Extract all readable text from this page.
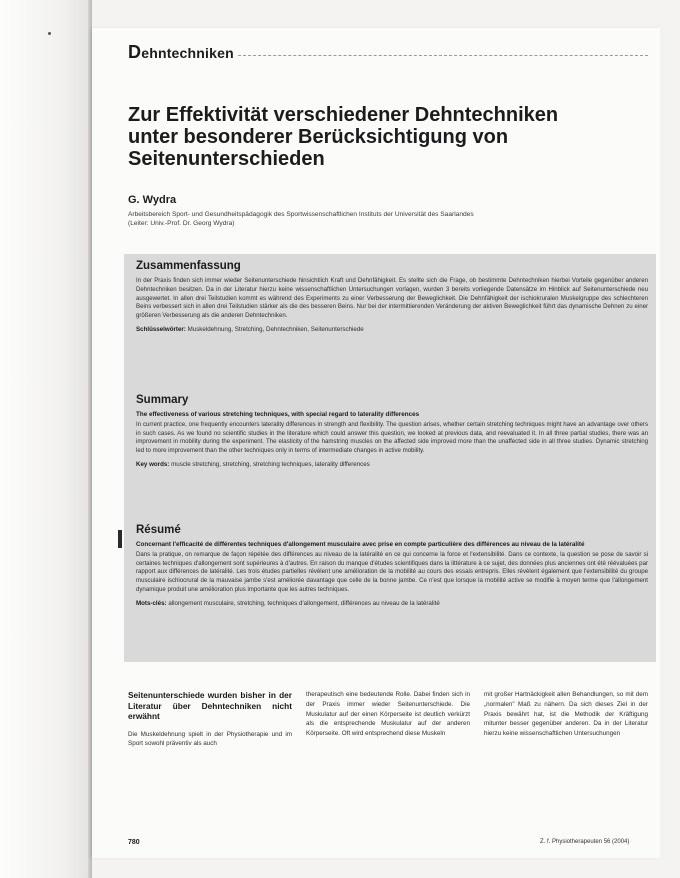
Dehntechniken
Zur Effektivität verschiedener Dehntechniken
unter besonderer Berücksichtigung von
Seitenunterschieden
G. Wydra
Arbeitsbereich Sport- und Gesundheitspädagogik des Sportwissenschaftlichen Instituts der Universität des Saarlandes
(Leiter: Univ.-Prof. Dr. Georg Wydra)
Zusammenfassung
In der Praxis finden sich immer wieder Seitenunterschiede hinsichtlich Kraft und Dehnfähigkeit. Es stellte sich die Frage, ob bestimmte Dehntechniken hierbei Vorteile gegenüber anderen Dehntechniken besitzen. Da in der Literatur hierzu keine wissenschaftlichen Untersuchungen vorlagen, wurden 3 bereits vorliegende Datensätze im Hinblick auf Seitenunterschiede neu ausgewertet. In allen drei Teilstudien kommt es während des Experiments zu einer Verbesserung der Beweglichkeit. Die Dehnfähigkeit der ischiokruralen Muskelgruppe des schlechteren Beins verbessert sich in allen drei Teilstudien stärker als die des besseren Beins. Nur bei der intermittierenden Veränderung der aktiven Beweglichkeit führt das dynamische Dehnen zu einer größeren Verbesserung als die anderen Dehntechniken.
Schlüsselwörter: Muskeldehnung, Stretching, Dehntechniken, Seitenunterschiede
Summary
The effectiveness of various stretching techniques, with special regard to laterality differences
In current practice, one frequently encounters laterality differences in strength and flexibility. The question arises, whether certain stretching techniques might have an advantage over others in such cases. As we found no scientific studies in the literature which could answer this question, we looked at previous data, and reevaluated it. In all three partial studies, there was an improvement in mobility during the experiment. The elasticity of the hamstring muscles on the affected side improved more than the unaffected side in all three studies. Dynamic stretching led to more improvement than the other techniques only in terms of intermediate changes in active mobility.
Key words: muscle stretching, stretching, stretching techniques, laterality differences
Résumé
Concernant l'efficacité de différentes techniques d'allongement musculaire avec prise en compte particulière des différences au niveau de la latéralité
Dans la pratique, on remarque de façon répétée des différences au niveau de la latéralité en ce qui concerne la force et l'extensibilité. Dans ce contexte, la question se pose de savoir si certaines techniques d'allongement sont supérieures à d'autres. En raison du manque d'études scientifiques dans la littérature à ce sujet, des données plus anciennes ont été réévaluées par rapport aux différences de latéralité. Les trois études partielles révèlent une amélioration de la mobilité au cours des essais entrepris. Elles révèlent également que l'extensibilité du groupe musculaire ischiocrural de la mauvaise jambe s'est améliorée davantage que celle de la bonne jambe. Ce n'est que lorsque la mobilité active se modifie à moyen terme que l'allongement dynamique produit une amélioration plus importante que les autres techniques.
Mots-clés: allongement musculaire, stretching, techniques d'allongement, différences au niveau de la latéralité
Seitenunterschiede wurden bisher in der Literatur über Dehntechniken nicht erwähnt
Die Muskeldehnung spielt in der Physiotherapie und im Sport sowohl präventiv als auch
therapeutisch eine bedeutende Rolle. Dabei finden sich in der Praxis immer wieder Seitenunterschiede. Die Muskulatur auf der einen Körperseite ist deutlich verkürzt als die entsprechende Muskulatur auf der anderen Körperseite. Oft wird entsprechend diese Muskeln
mit großer Hartnäckigkeit allen Behandlungen, so mit dem „normalen" Maß zu nähern. Da sich dieses Ziel in der Praxis bewährt hat, ist die Methodik der Kräftigung mitunter besser gegenüber anderen. Da in der Literatur hierzu keine wissenschaftlichen Untersuchungen
780	Z. f. Physiotherapeuten 56 (2004)
